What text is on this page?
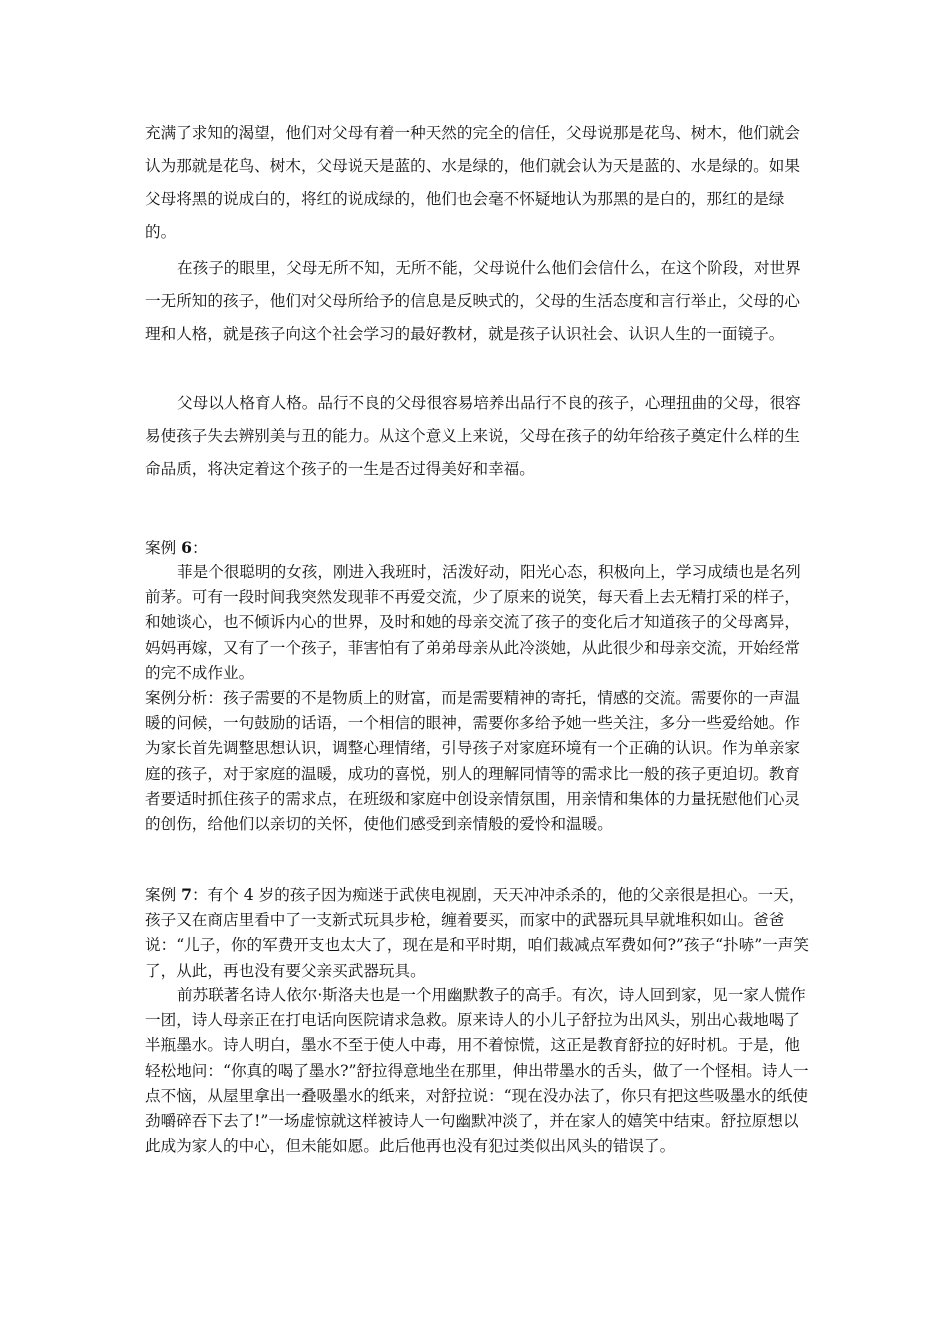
充满了求知的渴望，他们对父母有着一种天然的完全的信任，父母说那是花鸟、树木，他们就会认为那就是花鸟、树木，父母说天是蓝的、水是绿的，他们就会认为天是蓝的、水是绿的。如果父母将黑的说成白的，将红的说成绿的，他们也会毫不怀疑地认为那黑的是白的，那红的是绿的。

在孩子的眼里，父母无所不知，无所不能，父母说什么他们会信什么，在这个阶段，对世界一无所知的孩子，他们对父母所给予的信息是反映式的，父母的生活态度和言行举止，父母的心理和人格，就是孩子向这个社会学习的最好教材，就是孩子认识社会、认识人生的一面镜子。

父母以人格育人格。品行不良的父母很容易培养出品行不良的孩子，心理扭曲的父母，很容易使孩子失去辨别美与丑的能力。从这个意义上来说，父母在孩子的幼年给孩子奠定什么样的生命品质，将决定着这个孩子的一生是否过得美好和幸福。

案例 6：

菲是个很聪明的女孩，刚进入我班时，活泼好动，阳光心态，积极向上，学习成绩也是名列前茅。可有一段时间我突然发现菲不再爱交流，少了原来的说笑，每天看上去无精打采的样子，和她谈心，也不倾诉内心的世界，及时和她的母亲交流了孩子的变化后才知道孩子的父母离异，妈妈再嫁，又有了一个孩子，菲害怕有了弟弟母亲从此冷淡她，从此很少和母亲交流，开始经常的完不成作业。

案例分析：孩子需要的不是物质上的财富，而是需要精神的寄托，情感的交流。需要你的一声温暖的问候，一句鼓励的话语，一个相信的眼神，需要你多给予她一些关注，多分一些爱给她。作为家长首先调整思想认识，调整心理情绪，引导孩子对家庭环境有一个正确的认识。作为单亲家庭的孩子，对于家庭的温暖，成功的喜悦，别人的理解同情等的需求比一般的孩子更迫切。教育者要适时抓住孩子的需求点，在班级和家庭中创设亲情氛围，用亲情和集体的力量抚慰他们心灵的创伤，给他们以亲切的关怀，使他们感受到亲情般的爱怜和温暖。

案例 7：有个 4 岁的孩子因为痴迷于武侠电视剧，天天冲冲杀杀的，他的父亲很是担心。一天，孩子又在商店里看中了一支新式玩具步枪，缠着要买，而家中的武器玩具早就堆积如山。爸爸说：“儿子，你的军费开支也太大了，现在是和平时期，咱们裁减点军费如何?”孩子“扑哧”一声笑了，从此，再也没有要父亲买武器玩具。

前苏联著名诗人依尔·斯洛夫也是一个用幽默教子的高手。有次，诗人回到家，见一家人慌作一团，诗人母亲正在打电话向医院请求急救。原来诗人的小儿子舒拉为出风头，别出心裁地喝了半瓶墨水。诗人明白，墨水不至于使人中毒，用不着惊慌，这正是教育舒拉的好时机。于是，他轻松地问：“你真的喝了墨水?”舒拉得意地坐在那里，伸出带墨水的舌头，做了一个怪相。诗人一点不恼，从屋里拿出一叠吸墨水的纸来，对舒拉说：“现在没办法了，你只有把这些吸墨水的纸使劲嚼碎吞下去了!”一场虚惊就这样被诗人一句幽默冲淡了，并在家人的嬉笑中结束。舒拉原想以此成为家人的中心，但未能如愿。此后他再也没有犯过类似出风头的错误了。
